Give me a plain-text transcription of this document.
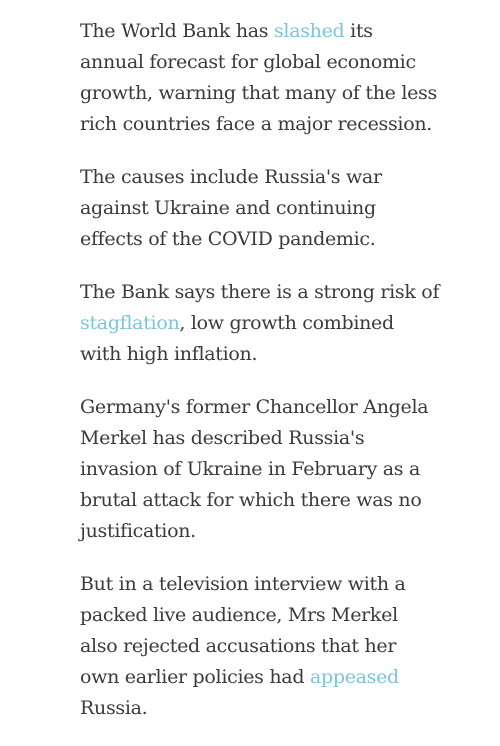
The World Bank has slashed its annual forecast for global economic growth, warning that many of the less rich countries face a major recession.

The causes include Russia's war against Ukraine and continuing effects of the COVID pandemic.

The Bank says there is a strong risk of stagflation, low growth combined with high inflation.

Germany's former Chancellor Angela Merkel has described Russia's invasion of Ukraine in February as a brutal attack for which there was no justification.

But in a television interview with a packed live audience, Mrs Merkel also rejected accusations that her own earlier policies had appeased Russia.
